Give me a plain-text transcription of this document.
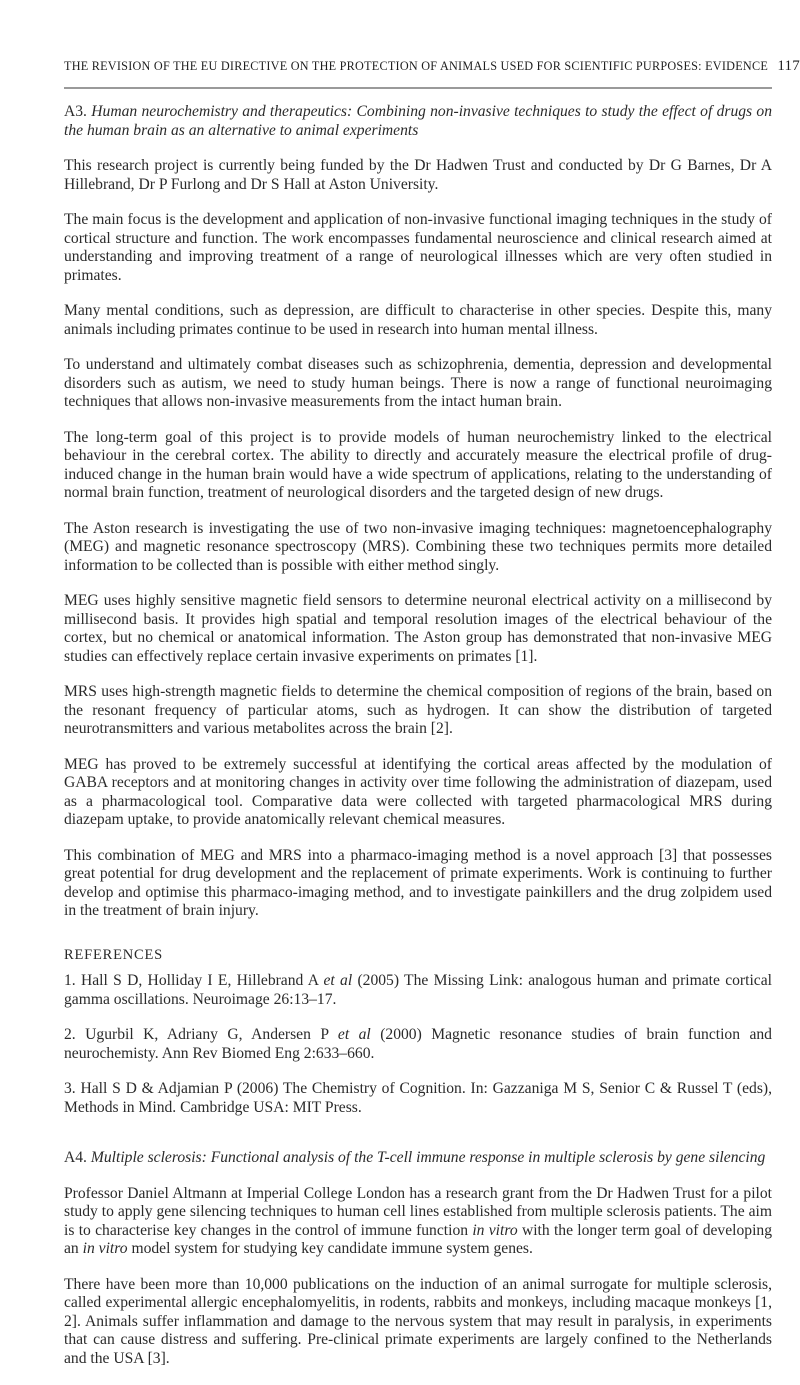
THE REVISION OF THE EU DIRECTIVE ON THE PROTECTION OF ANIMALS USED FOR SCIENTIFIC PURPOSES: EVIDENCE 117
A3. Human neurochemistry and therapeutics: Combining non-invasive techniques to study the effect of drugs on the human brain as an alternative to animal experiments

This research project is currently being funded by the Dr Hadwen Trust and conducted by Dr G Barnes, Dr A Hillebrand, Dr P Furlong and Dr S Hall at Aston University.

The main focus is the development and application of non-invasive functional imaging techniques in the study of cortical structure and function. The work encompasses fundamental neuroscience and clinical research aimed at understanding and improving treatment of a range of neurological illnesses which are very often studied in primates.

Many mental conditions, such as depression, are difficult to characterise in other species. Despite this, many animals including primates continue to be used in research into human mental illness.

To understand and ultimately combat diseases such as schizophrenia, dementia, depression and developmental disorders such as autism, we need to study human beings. There is now a range of functional neuroimaging techniques that allows non-invasive measurements from the intact human brain.

The long-term goal of this project is to provide models of human neurochemistry linked to the electrical behaviour in the cerebral cortex. The ability to directly and accurately measure the electrical profile of drug-induced change in the human brain would have a wide spectrum of applications, relating to the understanding of normal brain function, treatment of neurological disorders and the targeted design of new drugs.

The Aston research is investigating the use of two non-invasive imaging techniques: magnetoencephalography (MEG) and magnetic resonance spectroscopy (MRS). Combining these two techniques permits more detailed information to be collected than is possible with either method singly.

MEG uses highly sensitive magnetic field sensors to determine neuronal electrical activity on a millisecond by millisecond basis. It provides high spatial and temporal resolution images of the electrical behaviour of the cortex, but no chemical or anatomical information. The Aston group has demonstrated that non-invasive MEG studies can effectively replace certain invasive experiments on primates [1].

MRS uses high-strength magnetic fields to determine the chemical composition of regions of the brain, based on the resonant frequency of particular atoms, such as hydrogen. It can show the distribution of targeted neurotransmitters and various metabolites across the brain [2].

MEG has proved to be extremely successful at identifying the cortical areas affected by the modulation of GABA receptors and at monitoring changes in activity over time following the administration of diazepam, used as a pharmacological tool. Comparative data were collected with targeted pharmacological MRS during diazepam uptake, to provide anatomically relevant chemical measures.

This combination of MEG and MRS into a pharmaco-imaging method is a novel approach [3] that possesses great potential for drug development and the replacement of primate experiments. Work is continuing to further develop and optimise this pharmaco-imaging method, and to investigate painkillers and the drug zolpidem used in the treatment of brain injury.

REFERENCES

1. Hall S D, Holliday I E, Hillebrand A et al (2005) The Missing Link: analogous human and primate cortical gamma oscillations. Neuroimage 26:13–17.

2. Ugurbil K, Adriany G, Andersen P et al (2000) Magnetic resonance studies of brain function and neurochemisty. Ann Rev Biomed Eng 2:633–660.

3. Hall S D & Adjamian P (2006) The Chemistry of Cognition. In: Gazzaniga M S, Senior C & Russel T (eds), Methods in Mind. Cambridge USA: MIT Press.

A4. Multiple sclerosis: Functional analysis of the T-cell immune response in multiple sclerosis by gene silencing

Professor Daniel Altmann at Imperial College London has a research grant from the Dr Hadwen Trust for a pilot study to apply gene silencing techniques to human cell lines established from multiple sclerosis patients. The aim is to characterise key changes in the control of immune function in vitro with the longer term goal of developing an in vitro model system for studying key candidate immune system genes.

There have been more than 10,000 publications on the induction of an animal surrogate for multiple sclerosis, called experimental allergic encephalomyelitis, in rodents, rabbits and monkeys, including macaque monkeys [1, 2]. Animals suffer inflammation and damage to the nervous system that may result in paralysis, in experiments that can cause distress and suffering. Pre-clinical primate experiments are largely confined to the Netherlands and the USA [3].
